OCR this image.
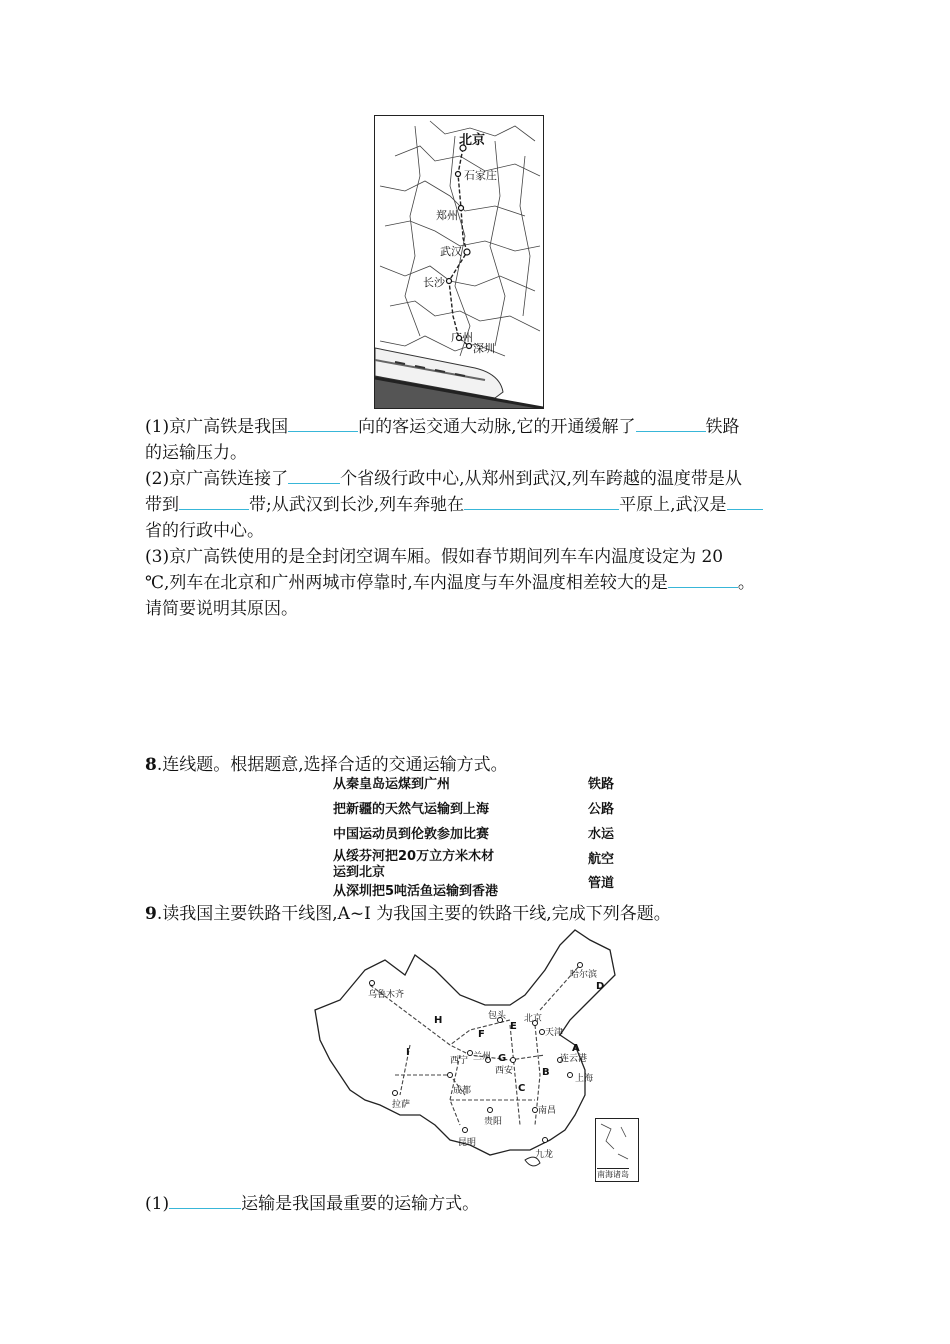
北京
石家庄
郑州
武汉
长沙
广州
深圳
(1)京广高铁是我国	向的客运交通大动脉,它的开通缓解了	铁路
的运输压力。
(2)京广高铁连接了	个省级行政中心,从郑州到武汉,列车跨越的温度带是从
带到	带;从武汉到长沙,列车奔驰在	平原上,武汉是
省的行政中心。
(3)京广高铁使用的是全封闭空调车厢。假如春节期间列车车内温度设定为 20
℃,列车在北京和广州两城市停靠时,车内温度与车外温度相差较大的是	。
请简要说明其原因。
8.连线题。根据题意,选择合适的交通运输方式。
从秦皇岛运煤到广州
把新疆的天然气运输到上海
中国运动员到伦敦参加比赛
从绥芬河把20万立方米木材
运到北京
从深圳把5吨活鱼运输到香港
铁路
公路
水运
航空
管道
9.读我国主要铁路干线图,A~I 为我国主要的铁路干线,完成下列各题。
乌鲁木齐
哈尔滨
包头 北京
天津
西宁 兰州
西安
连云港
上海
成都
拉萨
贵阳
昆明
南昌
九龙
A
B
C
D
E
F
G
H
I
南海诸岛
(1)	运输是我国最重要的运输方式。
